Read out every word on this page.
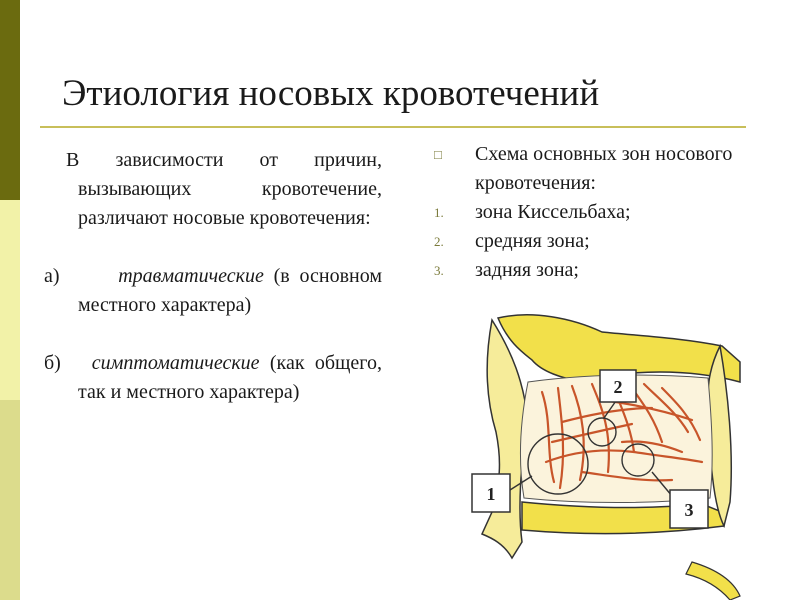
Этиология носовых кровотечений

В зависимости от причин, вызывающих кровотечение, различают носовые кровотечения:

а)	травматические (в основном местного характера)

б) симптоматические (как общего, так и местного характера)

□	Схема основных зон носового кровотечения:
1.	зона Киссельбаха;
2.	средняя зона;
3.	задняя зона;
1
2
3
